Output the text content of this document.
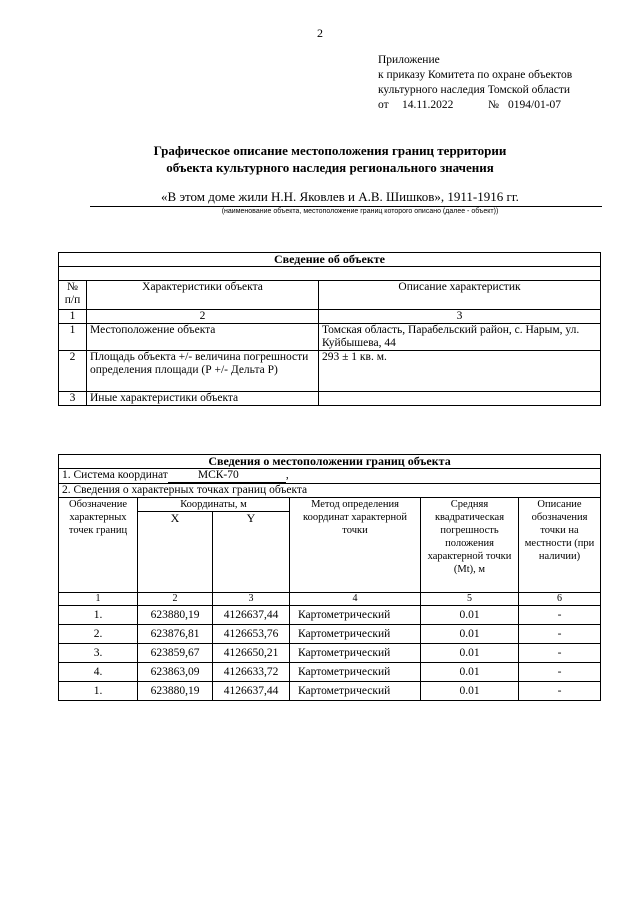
2
Приложение
к приказу Комитета по охране объектов
культурного наследия Томской области
от 14.11.2022	№ 0194/01-07
Графическое описание местоположения границ территории
объекта культурного наследия регионального значения
«В этом доме жили Н.Н. Яковлев и А.В. Шишков», 1911-1916 гг.
(наименование объекта, местоположение границ которого описано (далее - объект))
Сведение об объекте		

№ п/п	Характеристики объекта	Описание характеристик
1	2	3
1	Местоположение объекта	Томская область, Парабельский район, с. Нарым, ул. Куйбышева, 44
2	Площадь объекта +/- величина погрешности определения площади (Р +/- Дельта Р)	293 ± 1 кв. м.
3	Иные характеристики объекта	
Сведения о местоположении границ объекта					
1. Система координат МСК-70 ,					
2. Сведения о характерных точках границ объекта					
Обозначение характерных точек границ	Координаты, м		Метод определения координат характерной точки	Средняя квадратическая погрешность положения характерной точки (Mt), м	Описание обозначения точки на местности (при наличии)
	X	Y			
1	2	3	4	5	6
1.	623880,19	4126637,44	Картометрический	0.01	-
2.	623876,81	4126653,76	Картометрический	0.01	-
3.	623859,67	4126650,21	Картометрический	0.01	-
4.	623863,09	4126633,72	Картометрический	0.01	-
1.	623880,19	4126637,44	Картометрический	0.01	-
